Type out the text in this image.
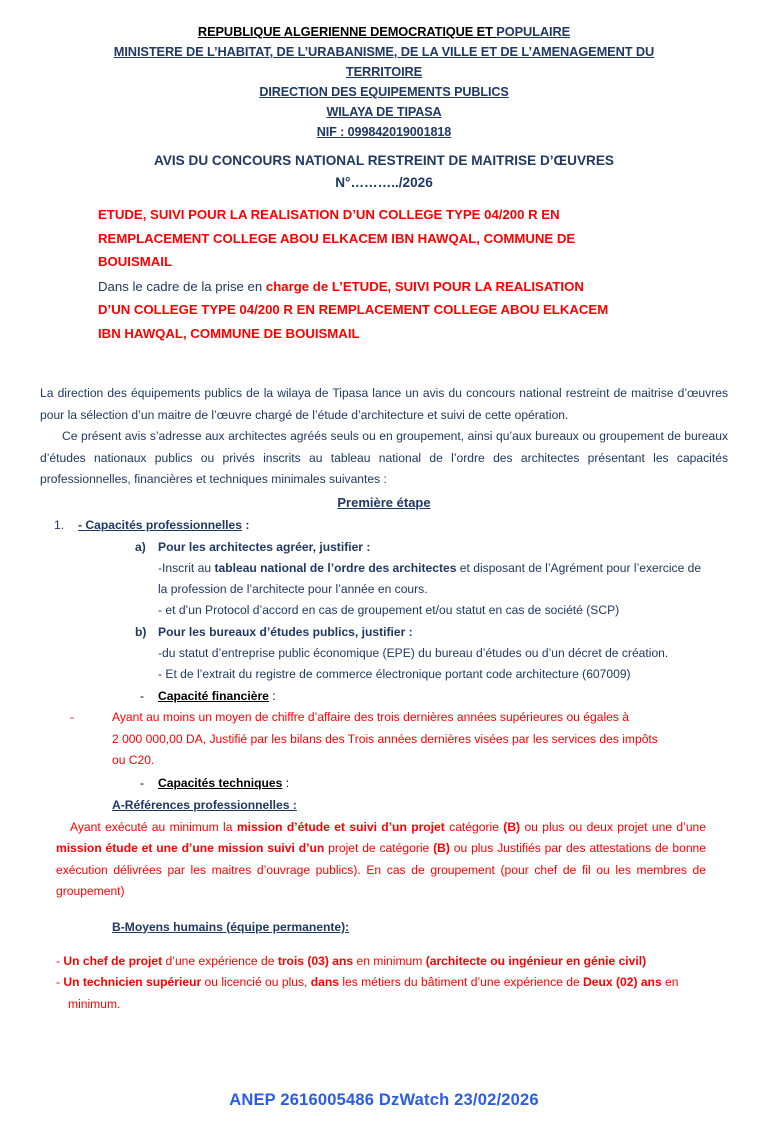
REPUBLIQUE ALGERIENNE DEMOCRATIQUE ET POPULAIRE
MINISTERE DE L’HABITAT, DE L’URABANISME, DE LA VILLE ET DE L’AMENAGEMENT DU
TERRITOIRE
DIRECTION DES EQUIPEMENTS PUBLICS
WILAYA DE TIPASA
NIF : 099842019001818
AVIS DU CONCOURS NATIONAL RESTREINT DE MAITRISE D’ŒUVRES
N°………../2026
ETUDE, SUIVI POUR LA REALISATION D’UN COLLEGE TYPE 04/200 R EN
REMPLACEMENT COLLEGE ABOU ELKACEM IBN HAWQAL, COMMUNE DE
BOUISMAIL
Dans le cadre de la prise en charge de L’ETUDE, SUIVI POUR LA REALISATION
D’UN COLLEGE TYPE 04/200 R EN REMPLACEMENT COLLEGE ABOU ELKACEM
IBN HAWQAL, COMMUNE DE BOUISMAIL

La direction des équipements publics de la wilaya de Tipasa lance un avis du concours national restreint de maitrise d’œuvres pour la sélection d’un maitre de l’œuvre chargé de l’étude d’architecture et suivi de cette opération.

Ce présent avis s’adresse aux architectes agréés seuls ou en groupement, ainsi qu’aux bureaux ou groupement de bureaux d’études nationaux publics ou privés inscrits au tableau national de l’ordre des architectes présentant les capacités professionnelles, financières et techniques minimales suivantes :

Première étape
1. - Capacités professionnelles :
a) Pour les architectes agréer, justifier :
-Inscrit au tableau national de l’ordre des architectes et disposant de l’Agrément pour l’exercice de
la profession de l’architecte pour l’année en cours.
- et d’un Protocol d’accord en cas de groupement et/ou statut en cas de société (SCP)
b) Pour les bureaux d’études publics, justifier :
-du statut d’entreprise public économique (EPE) du bureau d’études ou d’un décret de création.
- Et de l’extrait du registre de commerce électronique portant code architecture (607009)
- Capacité financière :
-	Ayant au moins un moyen de chiffre d’affaire des trois dernières années supérieures ou égales à
2 000 000,00 DA, Justifié par les bilans des Trois années dernières visées par les services des impôts
ou C20.
- Capacités techniques :
A-Références professionnelles :
Ayant exécuté au minimum la mission d’étude et suivi d’un projet catégorie (B) ou plus ou deux projet une d’une mission étude et une d’une mission suivi d’un projet de catégorie (B) ou plus Justifiés par des attestations de bonne exécution délivrées par les maitres d’ouvrage publics). En cas de groupement (pour chef de fil ou les membres de groupement)
B-Moyens humains (équipe permanente):
- Un chef de projet d’une expérience de trois (03) ans en minimum (architecte ou ingénieur en génie civil)
- Un technicien supérieur ou licencié ou plus, dans les métiers du bâtiment d’une expérience de Deux (02) ans en
minimum.
ANEP 2616005486 DzWatch 23/02/2026
